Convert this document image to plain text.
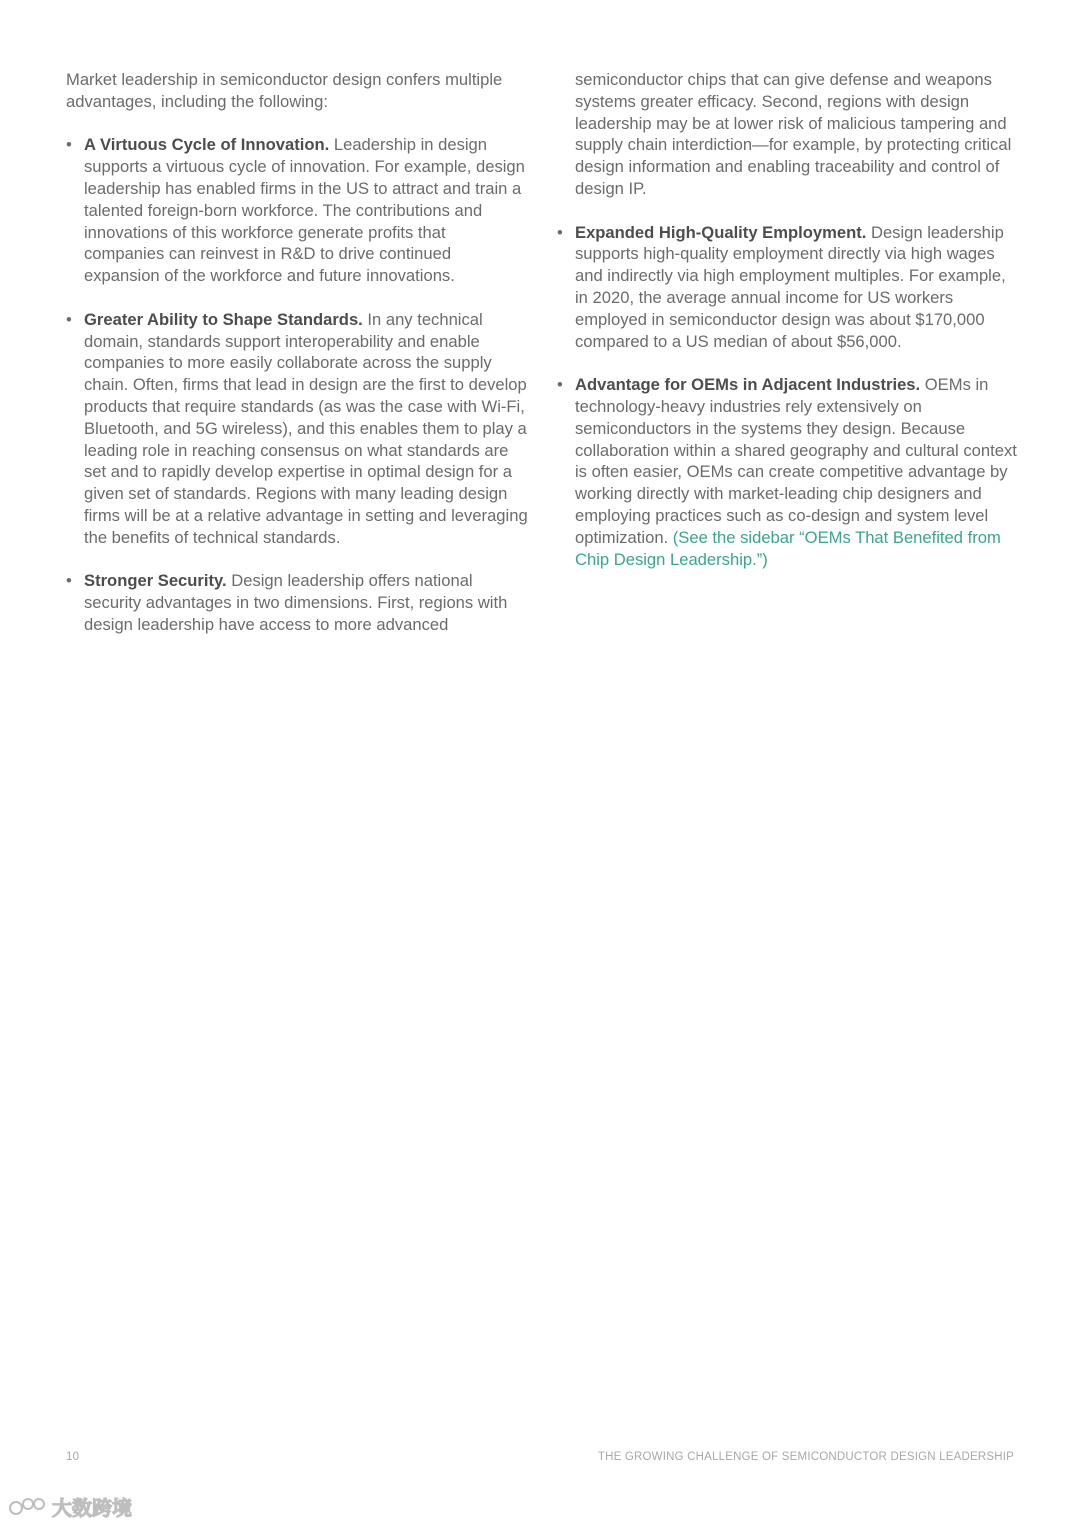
Market leadership in semiconductor design confers multiple advantages, including the following:

• A Virtuous Cycle of Innovation. Leadership in design supports a virtuous cycle of innovation. For example, design leadership has enabled firms in the US to attract and train a talented foreign-born workforce. The contributions and innovations of this workforce generate profits that companies can reinvest in R&D to drive continued expansion of the workforce and future innovations.
• Greater Ability to Shape Standards. In any technical domain, standards support interoperability and enable companies to more easily collaborate across the supply chain. Often, firms that lead in design are the first to develop products that require standards (as was the case with Wi-Fi, Bluetooth, and 5G wireless), and this enables them to play a leading role in reaching consensus on what standards are set and to rapidly develop expertise in optimal design for a given set of standards. Regions with many leading design firms will be at a relative advantage in setting and leveraging the benefits of technical standards.
• Stronger Security. Design leadership offers national security advantages in two dimensions. First, regions with design leadership have access to more advanced

semiconductor chips that can give defense and weapons systems greater efficacy. Second, regions with design leadership may be at lower risk of malicious tampering and supply chain interdiction—for example, by protecting critical design information and enabling traceability and control of design IP.

• Expanded High-Quality Employment. Design leadership supports high-quality employment directly via high wages and indirectly via high employment multiples. For example, in 2020, the average annual income for US workers employed in semiconductor design was about $170,000 compared to a US median of about $56,000.
• Advantage for OEMs in Adjacent Industries. OEMs in technology-heavy industries rely extensively on semiconductors in the systems they design. Because collaboration within a shared geography and cultural context is often easier, OEMs can create competitive advantage by working directly with market-leading chip designers and employing practices such as co-design and system level optimization. (See the sidebar “OEMs That Benefited from Chip Design Leadership.”)
10	THE GROWING CHALLENGE OF SEMICONDUCTOR DESIGN LEADERSHIP
大数跨境
